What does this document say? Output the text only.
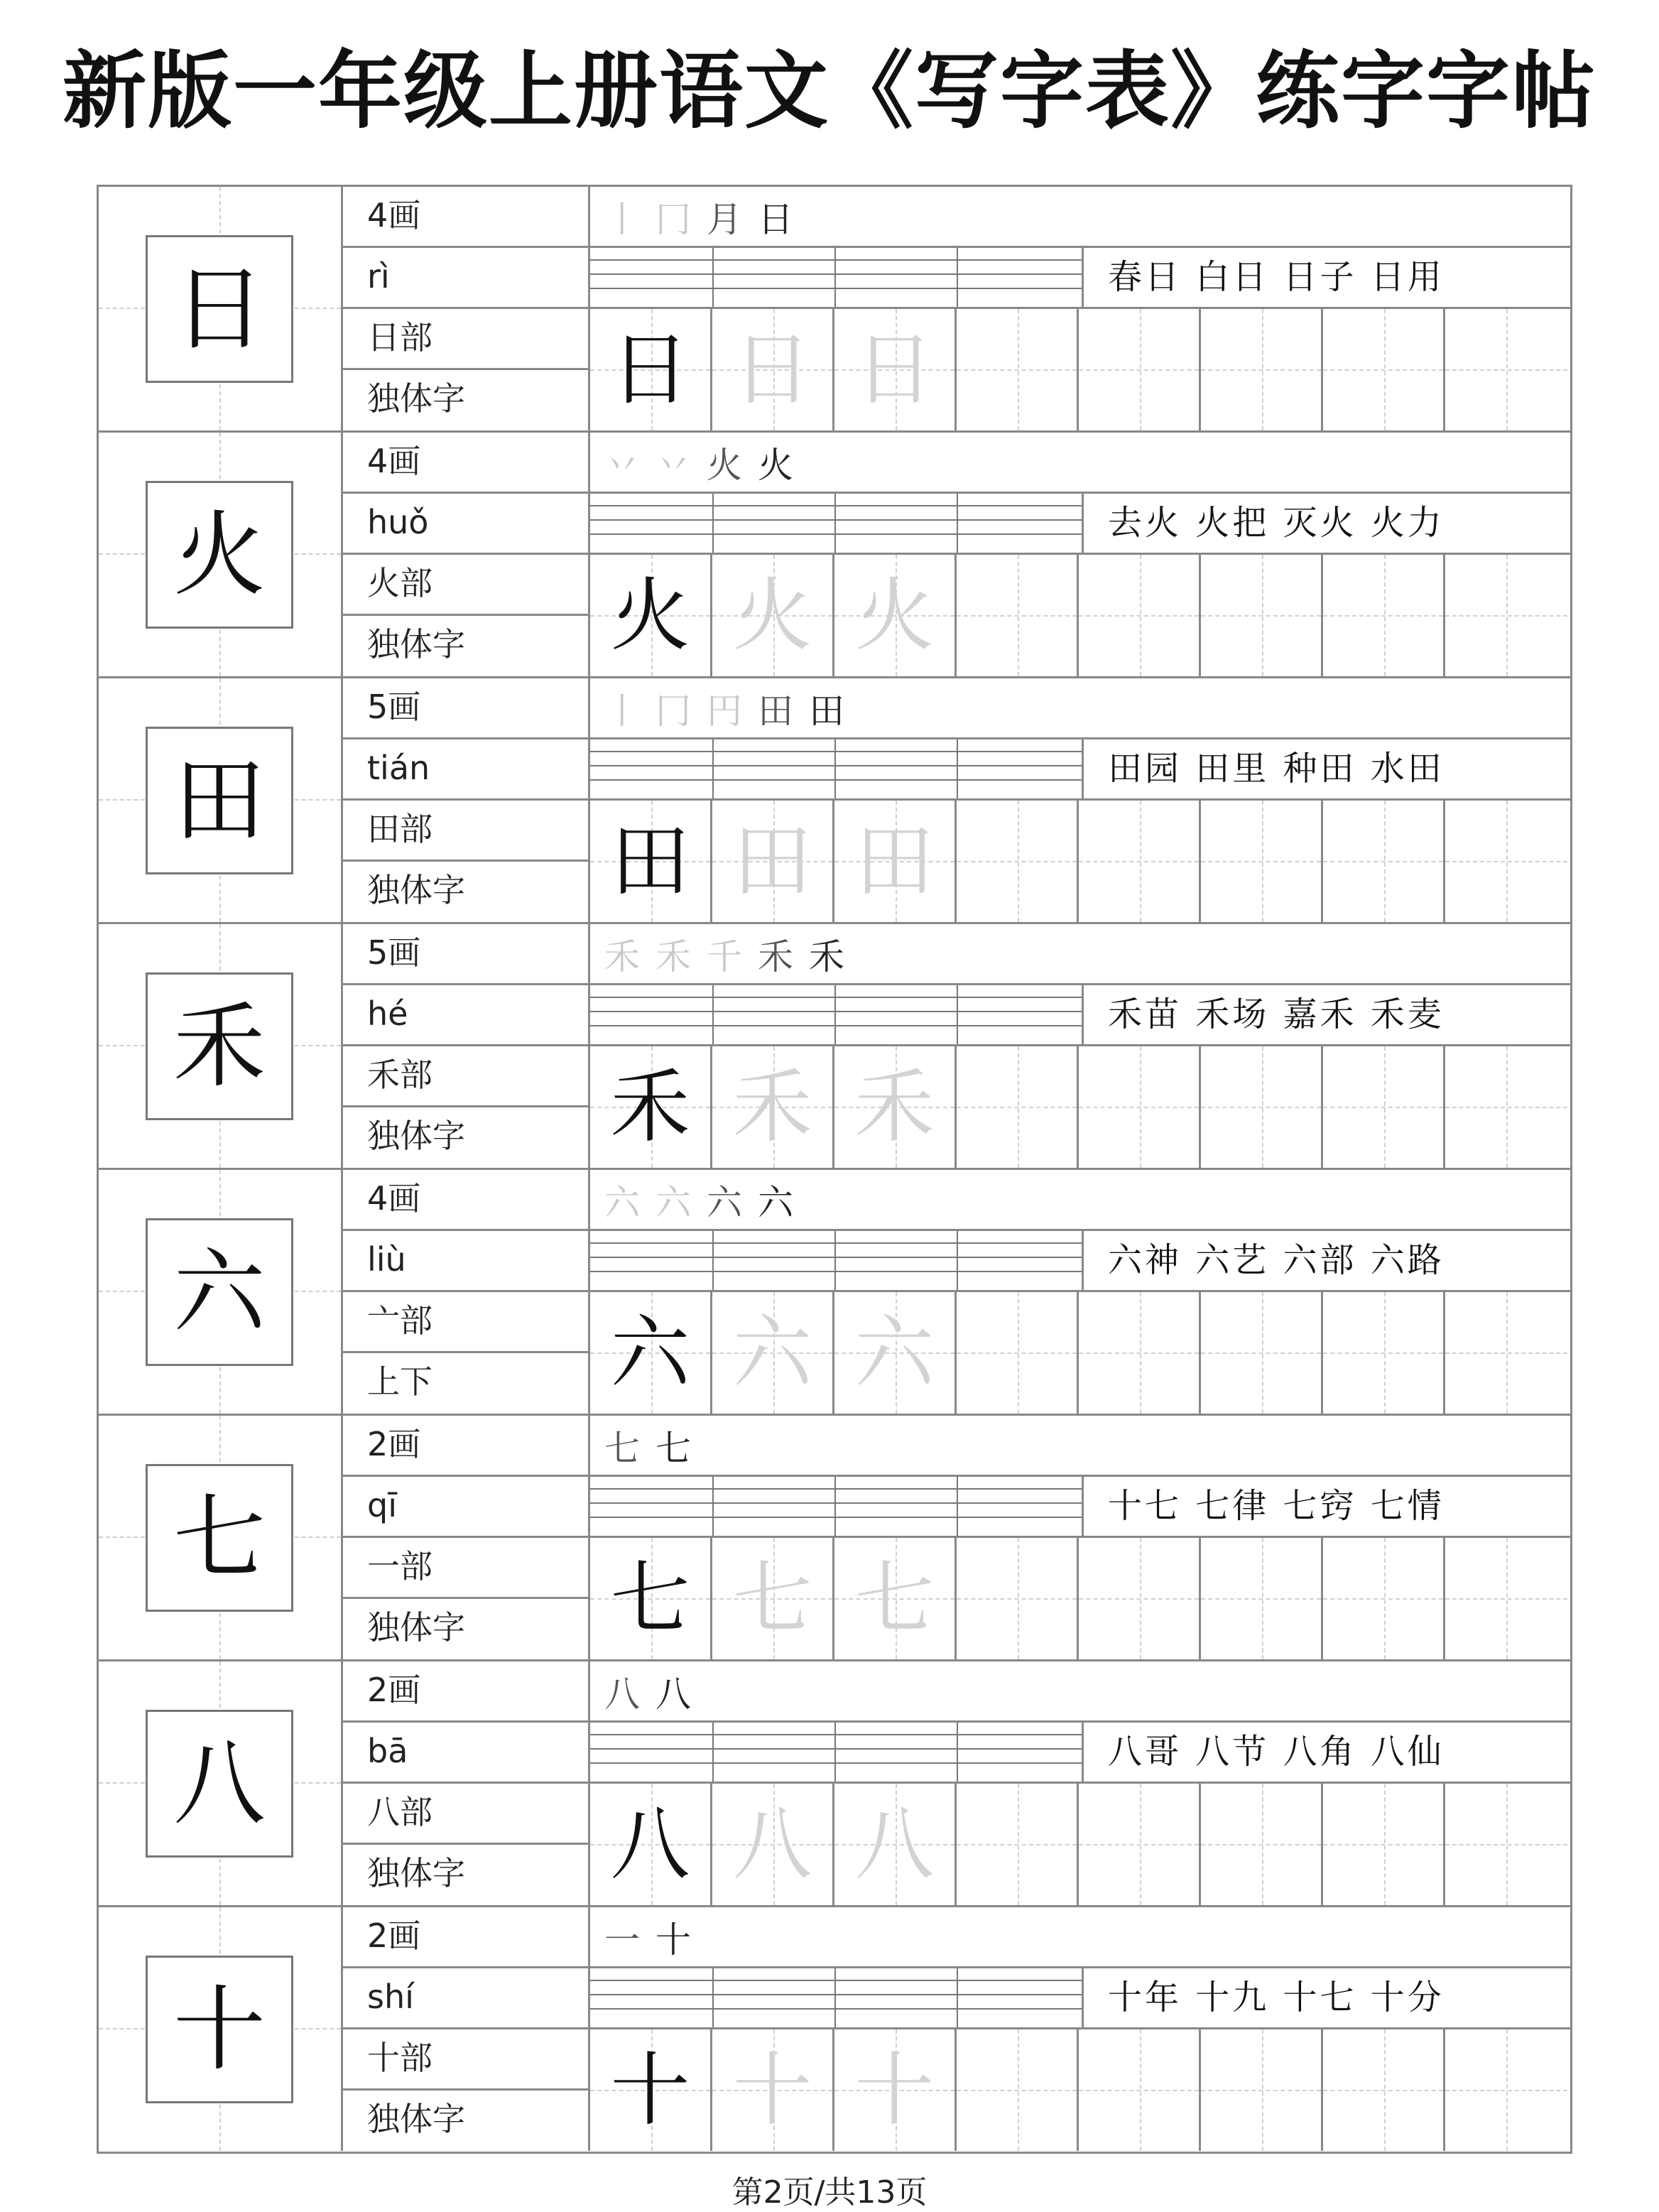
新版一年级上册语文《写字表》练字字帖
日
4画
rì
日部
独体字
丨 冂 月 日
春日 白日 日子 日用
日 日 日
火
4画
huǒ
火部
独体字
丷 丷 火 火
去火 火把 灭火 火力
火 火 火
田
5画
tián
田部
独体字
丨 冂 円 田 田
田园 田里 种田 水田
田 田 田
禾
5画
hé
禾部
独体字
禾 禾 千 禾 禾
禾苗 禾场 嘉禾 禾麦
禾 禾 禾
六
4画
liù
亠部
上下
六 六 六 六
六神 六艺 六部 六路
六 六 六
七
2画
qī
一部
独体字
七 七
十七 七律 七窍 七情
七 七 七
八
2画
bā
八部
独体字
八 八
八哥 八节 八角 八仙
八 八 八
十
2画
shí
十部
独体字
一 十
十年 十九 十七 十分
十 十 十
第2页/共13页
